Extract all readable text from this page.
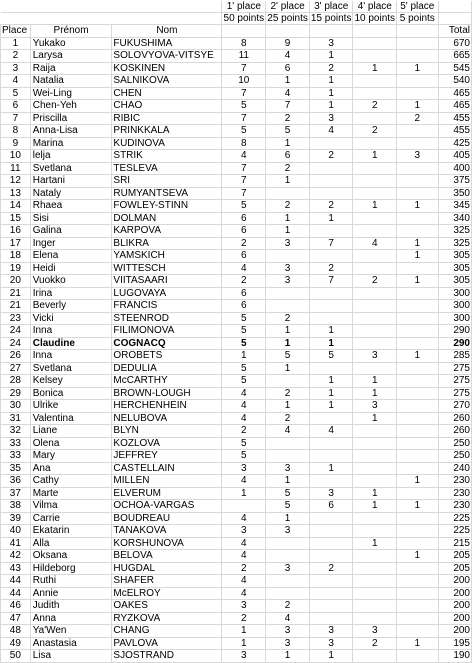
			1' place	2' place	3' place	4' place	5' place	
			50 points	25 points	15 points	10 points	5 points	
Place	Prénom	Nom						Total
1	Yukako	FUKUSHIMA	8	9	3			670
2	Larysa	SOLOVYOVA-VITSYE	11	4	1			665
3	Raija	KOSKINEN	7	6	2	1	1	545
4	Natalia	SALNIKOVA	10	1	1			540
5	Wei-Ling	CHEN	7	4	1			465
6	Chen-Yeh	CHAO	5	7	1	2	1	465
7	Priscilla	RIBIC	7	2	3		2	455
8	Anna-Lisa	PRINKKALA	5	5	4	2		455
9	Marina	KUDINOVA	8	1				425
10	lelja	STRIK	4	6	2	1	3	405
11	Svetlana	TESLEVA	7	2				400
12	Hartani	SRI	7	1				375
13	Nataly	RUMYANTSEVA	7					350
14	Rhaea	FOWLEY-STINN	5	2	2	1	1	345
15	Sisi	DOLMAN	6	1	1			340
16	Galina	KARPOVA	6	1				325
17	Inger	BLIKRA	2	3	7	4	1	325
18	Elena	YAMSKICH	6				1	305
19	Heidi	WITTESCH	4	3	2			305
20	Vuokko	VIITASAARI	2	3	7	2	1	305
21	Irina	LUGOVAYA	6					300
21	Beverly	FRANCIS	6					300
23	Vicki	STEENROD	5	2				300
24	Inna	FILIMONOVA	5	1	1			290
24	Claudine	COGNACQ	5	1	1			290
26	Inna	OROBETS	1	5	5	3	1	285
27	Svetlana	DEDULIA	5	1				275
28	Kelsey	McCARTHY	5		1	1		275
29	Bonica	BROWN-LOUGH	4	2	1	1		275
30	Ulrike	HERCHENHEIN	4	1	1	3		270
31	Valentina	NELUBOVA	4	2		1		260
32	Liane	BLYN	2	4	4			260
33	Olena	KOZLOVA	5					250
33	Mary	JEFFREY	5					250
35	Ana	CASTELLAIN	3	3	1			240
36	Cathy	MILLEN	4	1			1	230
37	Marte	ELVERUM	1	5	3	1		230
38	Vilma	OCHOA-VARGAS		5	6	1	1	230
39	Carrie	BOUDREAU	4	1				225
40	Ekatarin	TANAKOVA	3	3				225
41	Alla	KORSHUNOVA	4			1		215
42	Oksana	BELOVA	4				1	205
43	Hildeborg	HUGDAL	2	3	2			205
44	Ruthi	SHAFER	4					200
44	Annie	McELROY	4					200
46	Judith	OAKES	3	2				200
47	Anna	RYZKOVA	2	4				200
48	Ya'Wen	CHANG	1	3	3	3		200
49	Anastasia	PAVLOVA	1	3	3	2	1	195
50	Lisa	SJOSTRAND	3	1	1			190
